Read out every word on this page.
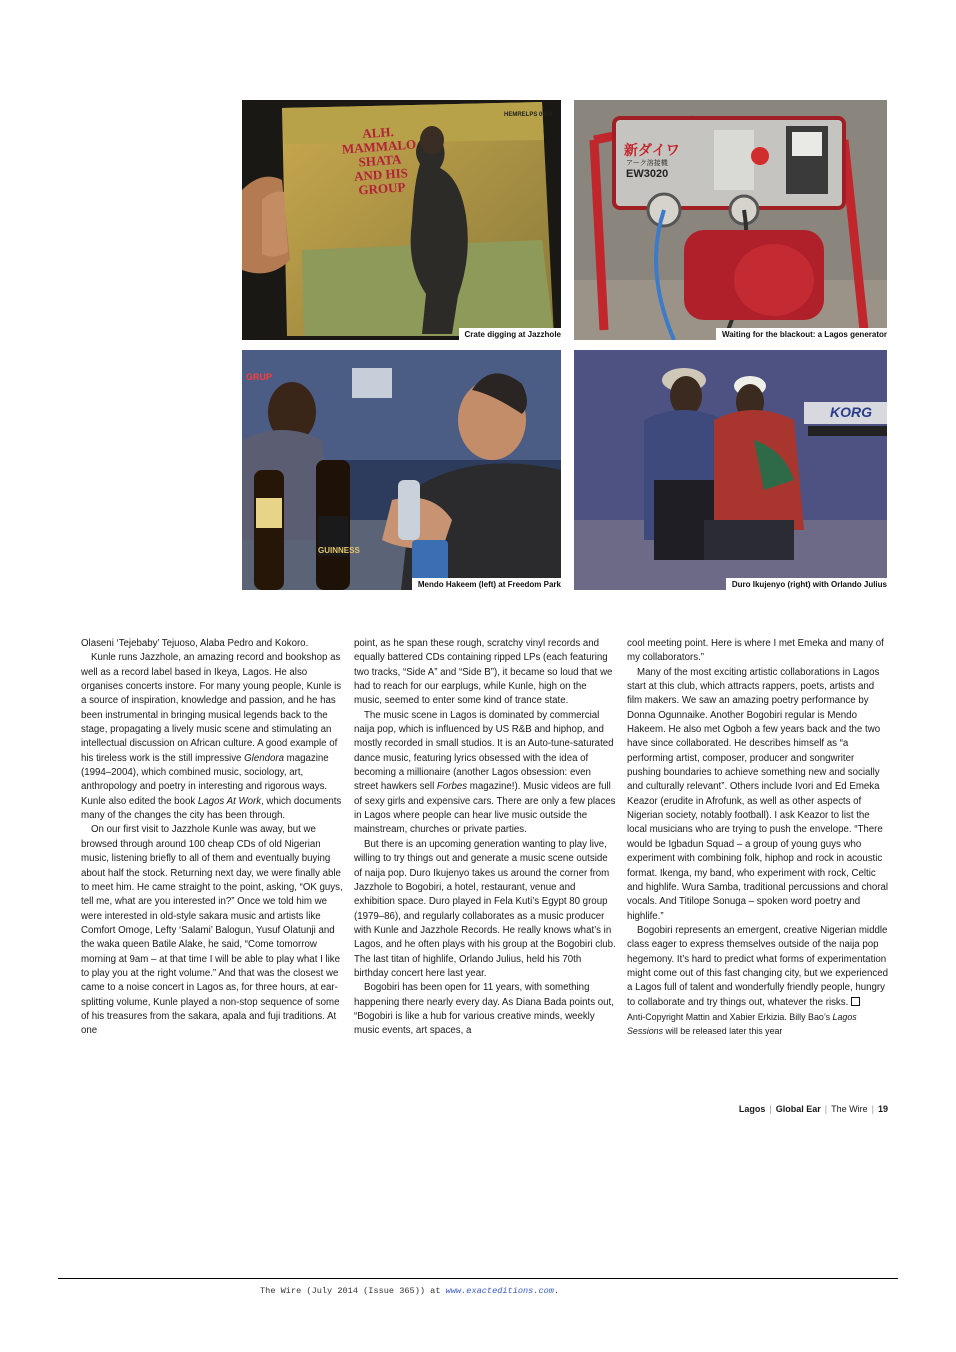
HEMRELPS 0358
ALH.
MAMMALO
SHATA
AND HIS
GROUP
Crate digging at Jazzhole
新ダイワ
アーク溶接機
EW3020
Waiting for the blackout: a Lagos generator
GRUP
GUINNESS
Mendo Hakeem (left) at Freedom Park
KORG
Duro Ikujenyo (right) with Orlando Julius

Olaseni ‘Tejebaby’ Tejuoso, Alaba Pedro and Kokoro.

Kunle runs Jazzhole, an amazing record and bookshop as well as a record label based in Ikeya, Lagos. He also organises concerts instore. For many young people, Kunle is a source of inspiration, knowledge and passion, and he has been instrumental in bringing musical legends back to the stage, propagating a lively music scene and stimulating an intellectual discussion on African culture. A good example of his tireless work is the still impressive Glendora magazine (1994–2004), which combined music, sociology, art, anthropology and poetry in interesting and rigorous ways. Kunle also edited the book Lagos At Work, which documents many of the changes the city has been through.

On our first visit to Jazzhole Kunle was away, but we browsed through around 100 cheap CDs of old Nigerian music, listening briefly to all of them and eventually buying about half the stock. Returning next day, we were finally able to meet him. He came straight to the point, asking, “OK guys, tell me, what are you interested in?” Once we told him we were interested in old-style sakara music and artists like Comfort Omoge, Lefty ‘Salami’ Balogun, Yusuf Olatunji and the waka queen Batile Alake, he said, “Come tomorrow morning at 9am – at that time I will be able to play what I like to play you at the right volume.” And that was the closest we came to a noise concert in Lagos as, for three hours, at ear-splitting volume, Kunle played a non-stop sequence of some of his treasures from the sakara, apala and fuji traditions. At one

point, as he span these rough, scratchy vinyl records and equally battered CDs containing ripped LPs (each featuring two tracks, “Side A” and “Side B”), it became so loud that we had to reach for our earplugs, while Kunle, high on the music, seemed to enter some kind of trance state.

The music scene in Lagos is dominated by commercial naija pop, which is influenced by US R&B and hiphop, and mostly recorded in small studios. It is an Auto-tune-saturated dance music, featuring lyrics obsessed with the idea of becoming a millionaire (another Lagos obsession: even street hawkers sell Forbes magazine!). Music videos are full of sexy girls and expensive cars. There are only a few places in Lagos where people can hear live music outside the mainstream, churches or private parties.

But there is an upcoming generation wanting to play live, willing to try things out and generate a music scene outside of naija pop. Duro Ikujenyo takes us around the corner from Jazzhole to Bogobiri, a hotel, restaurant, venue and exhibition space. Duro played in Fela Kuti’s Egypt 80 group (1979–86), and regularly collaborates as a music producer with Kunle and Jazzhole Records. He really knows what’s in Lagos, and he often plays with his group at the Bogobiri club. The last titan of highlife, Orlando Julius, held his 70th birthday concert here last year.

Bogobiri has been open for 11 years, with something happening there nearly every day. As Diana Bada points out, “Bogobiri is like a hub for various creative minds, weekly music events, art spaces, a

cool meeting point. Here is where I met Emeka and many of my collaborators.”

Many of the most exciting artistic collaborations in Lagos start at this club, which attracts rappers, poets, artists and film makers. We saw an amazing poetry performance by Donna Ogunnaike. Another Bogobiri regular is Mendo Hakeem. He also met Ogboh a few years back and the two have since collaborated. He describes himself as “a performing artist, composer, producer and songwriter pushing boundaries to achieve something new and socially and culturally relevant”. Others include Ivori and Ed Emeka Keazor (erudite in Afrofunk, as well as other aspects of Nigerian society, notably football). I ask Keazor to list the local musicians who are trying to push the envelope. “There would be Igbadun Squad – a group of young guys who experiment with combining folk, hiphop and rock in acoustic format. Ikenga, my band, who experiment with rock, Celtic and highlife. Wura Samba, traditional percussions and choral vocals. And Titilope Sonuga – spoken word poetry and highlife.”

Bogobiri represents an emergent, creative Nigerian middle class eager to express themselves outside of the naija pop hegemony. It’s hard to predict what forms of experimentation might come out of this fast changing city, but we experienced a Lagos full of talent and wonderfully friendly people, hungry to collaborate and try things out, whatever the risks.

Anti-Copyright Mattin and Xabier Erkizia. Billy Bao’s Lagos Sessions will be released later this year

Lagos | Global Ear | The Wire | 19
The Wire (July 2014 (Issue 365)) at www.exacteditions.com.
